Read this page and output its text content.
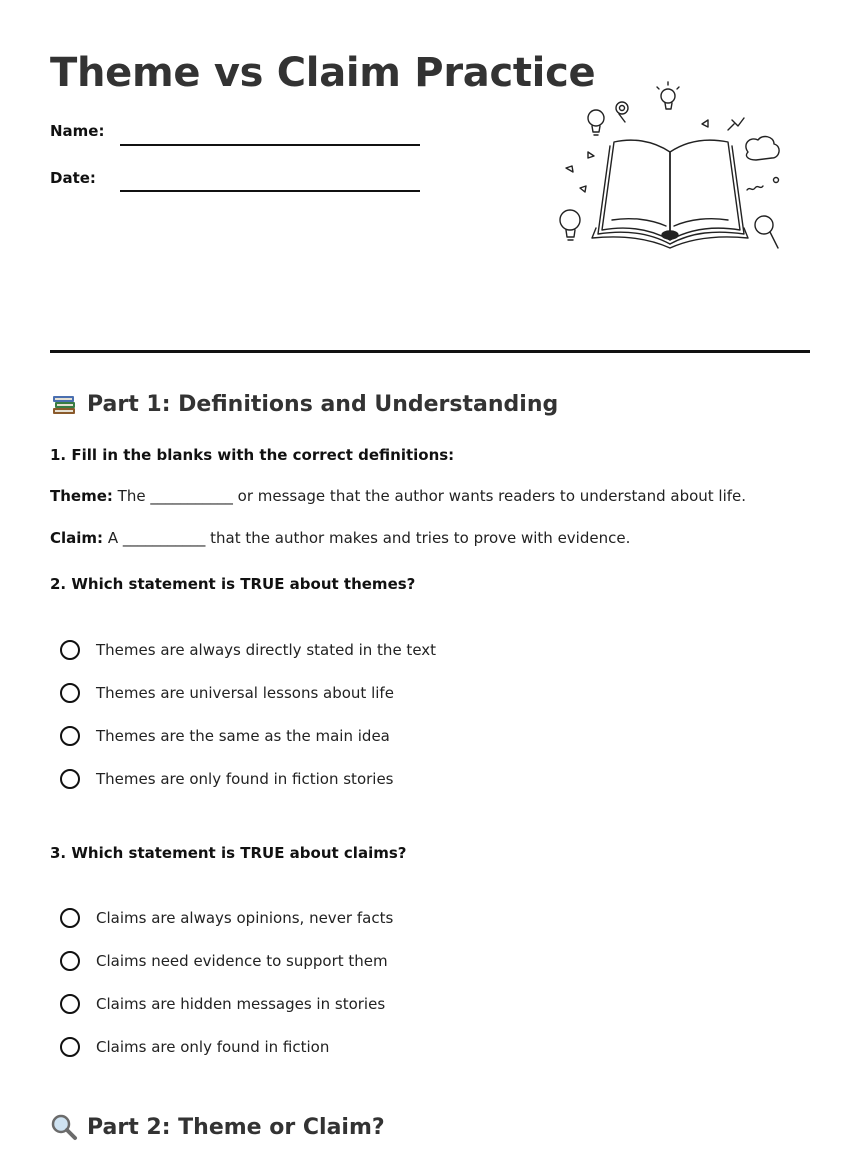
Theme vs Claim Practice
Name:
Date:
Part 1: Definitions and Understanding

1. Fill in the blanks with the correct definitions:

Theme: The ___________ or message that the author wants readers to understand about life.
Claim: A ___________ that the author makes and tries to prove with evidence.

2. Which statement is TRUE about themes?

Themes are always directly stated in the text
Themes are universal lessons about life
Themes are the same as the main idea
Themes are only found in fiction stories

3. Which statement is TRUE about claims?

Claims are always opinions, never facts
Claims need evidence to support them
Claims are hidden messages in stories
Claims are only found in fiction
Part 2: Theme or Claim?
